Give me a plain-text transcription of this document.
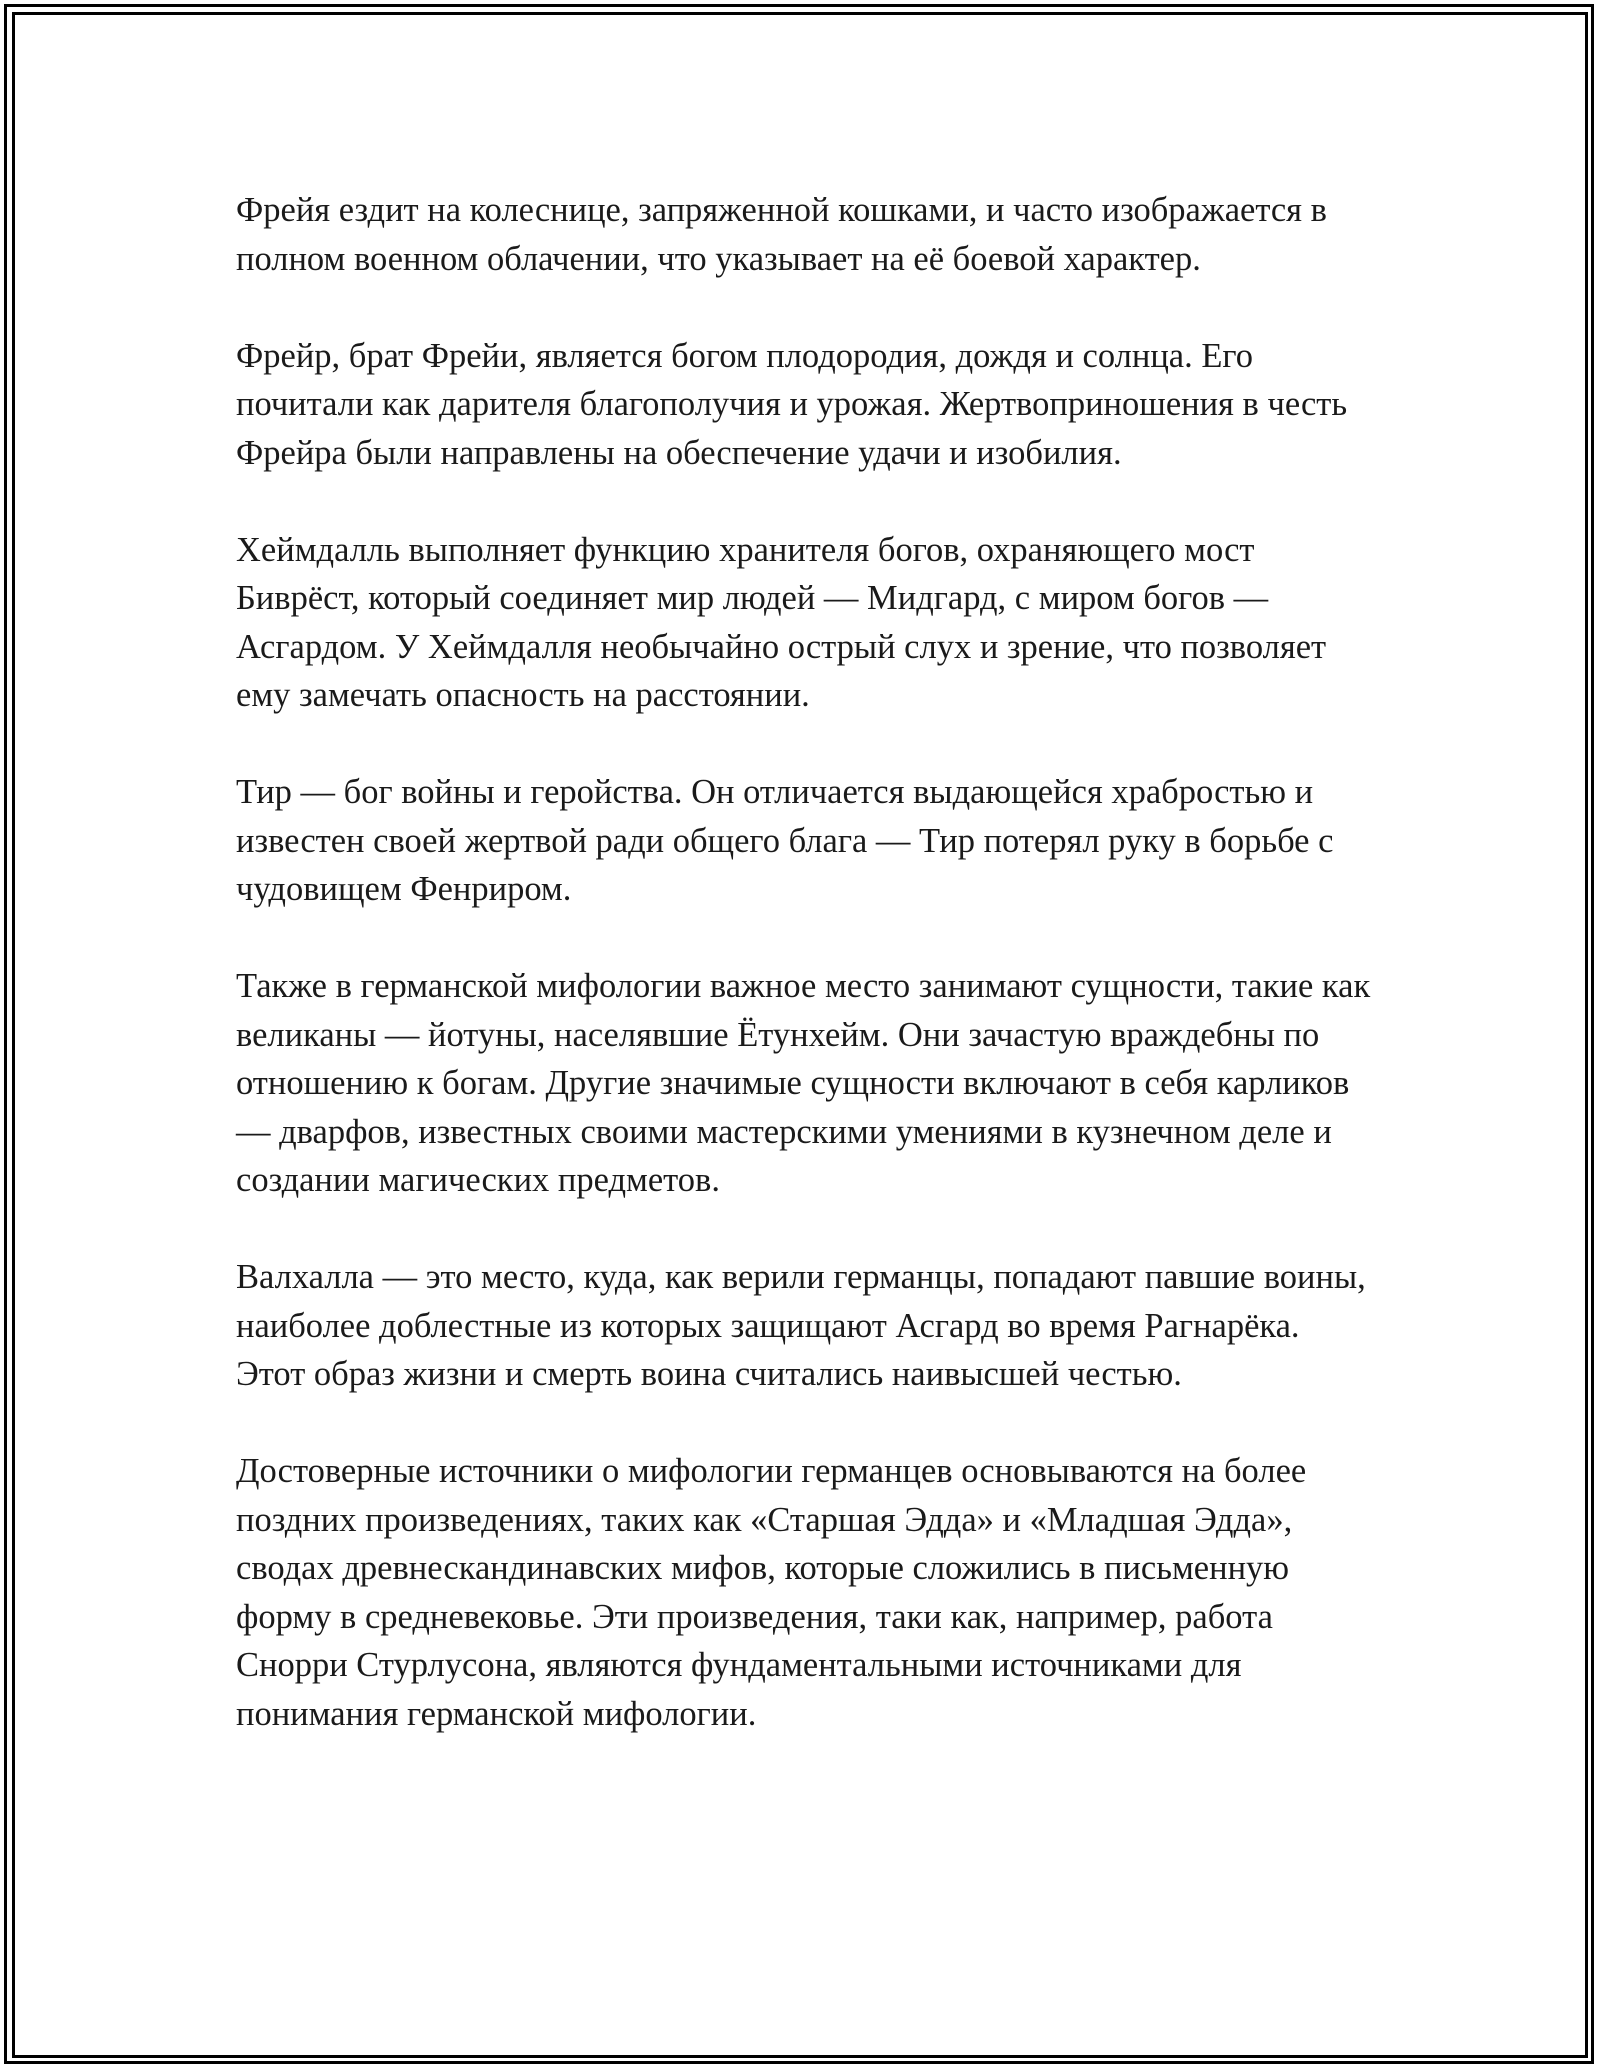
Фрейя ездит на колеснице, запряженной кошками, и часто изображается в полном военном облачении, что указывает на её боевой характер.

Фрейр, брат Фрейи, является богом плодородия, дождя и солнца. Его почитали как дарителя благополучия и урожая. Жертвоприношения в честь Фрейра были направлены на обеспечение удачи и изобилия.

Хеймдалль выполняет функцию хранителя богов, охраняющего мост Биврёст, который соединяет мир людей — Мидгард, с миром богов — Асгардом. У Хеймдалля необычайно острый слух и зрение, что позволяет ему замечать опасность на расстоянии.

Тир — бог войны и геройства. Он отличается выдающейся храбростью и известен своей жертвой ради общего блага — Тир потерял руку в борьбе с чудовищем Фенриром.

Также в германской мифологии важное место занимают сущности, такие как великаны — йотуны, населявшие Ётунхейм. Они зачастую враждебны по отношению к богам. Другие значимые сущности включают в себя карликов — дварфов, известных своими мастерскими умениями в кузнечном деле и создании магических предметов.

Валхалла — это место, куда, как верили германцы, попадают павшие воины, наиболее доблестные из которых защищают Асгард во время Рагнарёка. Этот образ жизни и смерть воина считались наивысшей честью.

Достоверные источники о мифологии германцев основываются на более поздних произведениях, таких как «Старшая Эдда» и «Младшая Эдда», сводах древнескандинавских мифов, которые сложились в письменную форму в средневековье. Эти произведения, таки как, например, работа Снорри Стурлусона, являются фундаментальными источниками для понимания германской мифологии.
